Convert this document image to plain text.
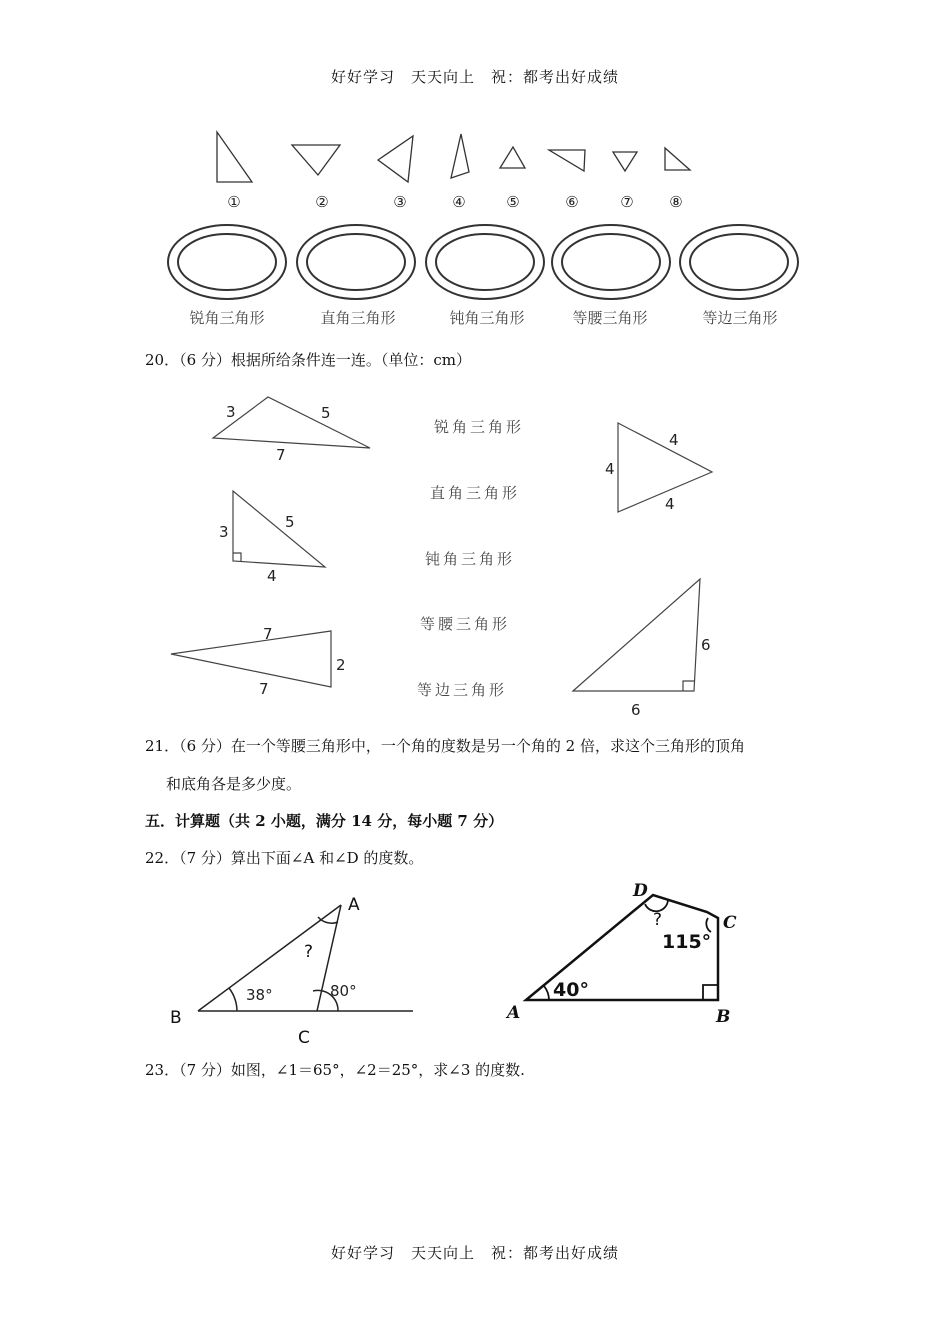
好好学习　天天向上　祝：都考出好成绩
①	②	③	④	⑤	⑥	⑦ ⑧
锐角三角形	直角三角形	钝角三角形	等腰三角形	等边三角形
20．（6 分）根据所给条件连一连。（单位：cm）
3	5
7
3
5
4
7
2
7
4
4
4
6
6
锐角三角形
直角三角形
钝角三角形
等腰三角形
等边三角形
21．（6 分）在一个等腰三角形中，一个角的度数是另一个角的 2 倍，求这个三角形的顶角
和底角各是多少度。
五．计算题（共 2 小题，满分 14 分，每小题 7 分）
22．（7 分）算出下面∠A 和∠D 的度数。
A
B
C
?
38°	80°
D
C
A	B
?
115°
40°
23．（7 分）如图，∠1＝65°，∠2＝25°，求∠3 的度数.
好好学习　天天向上　祝：都考出好成绩
